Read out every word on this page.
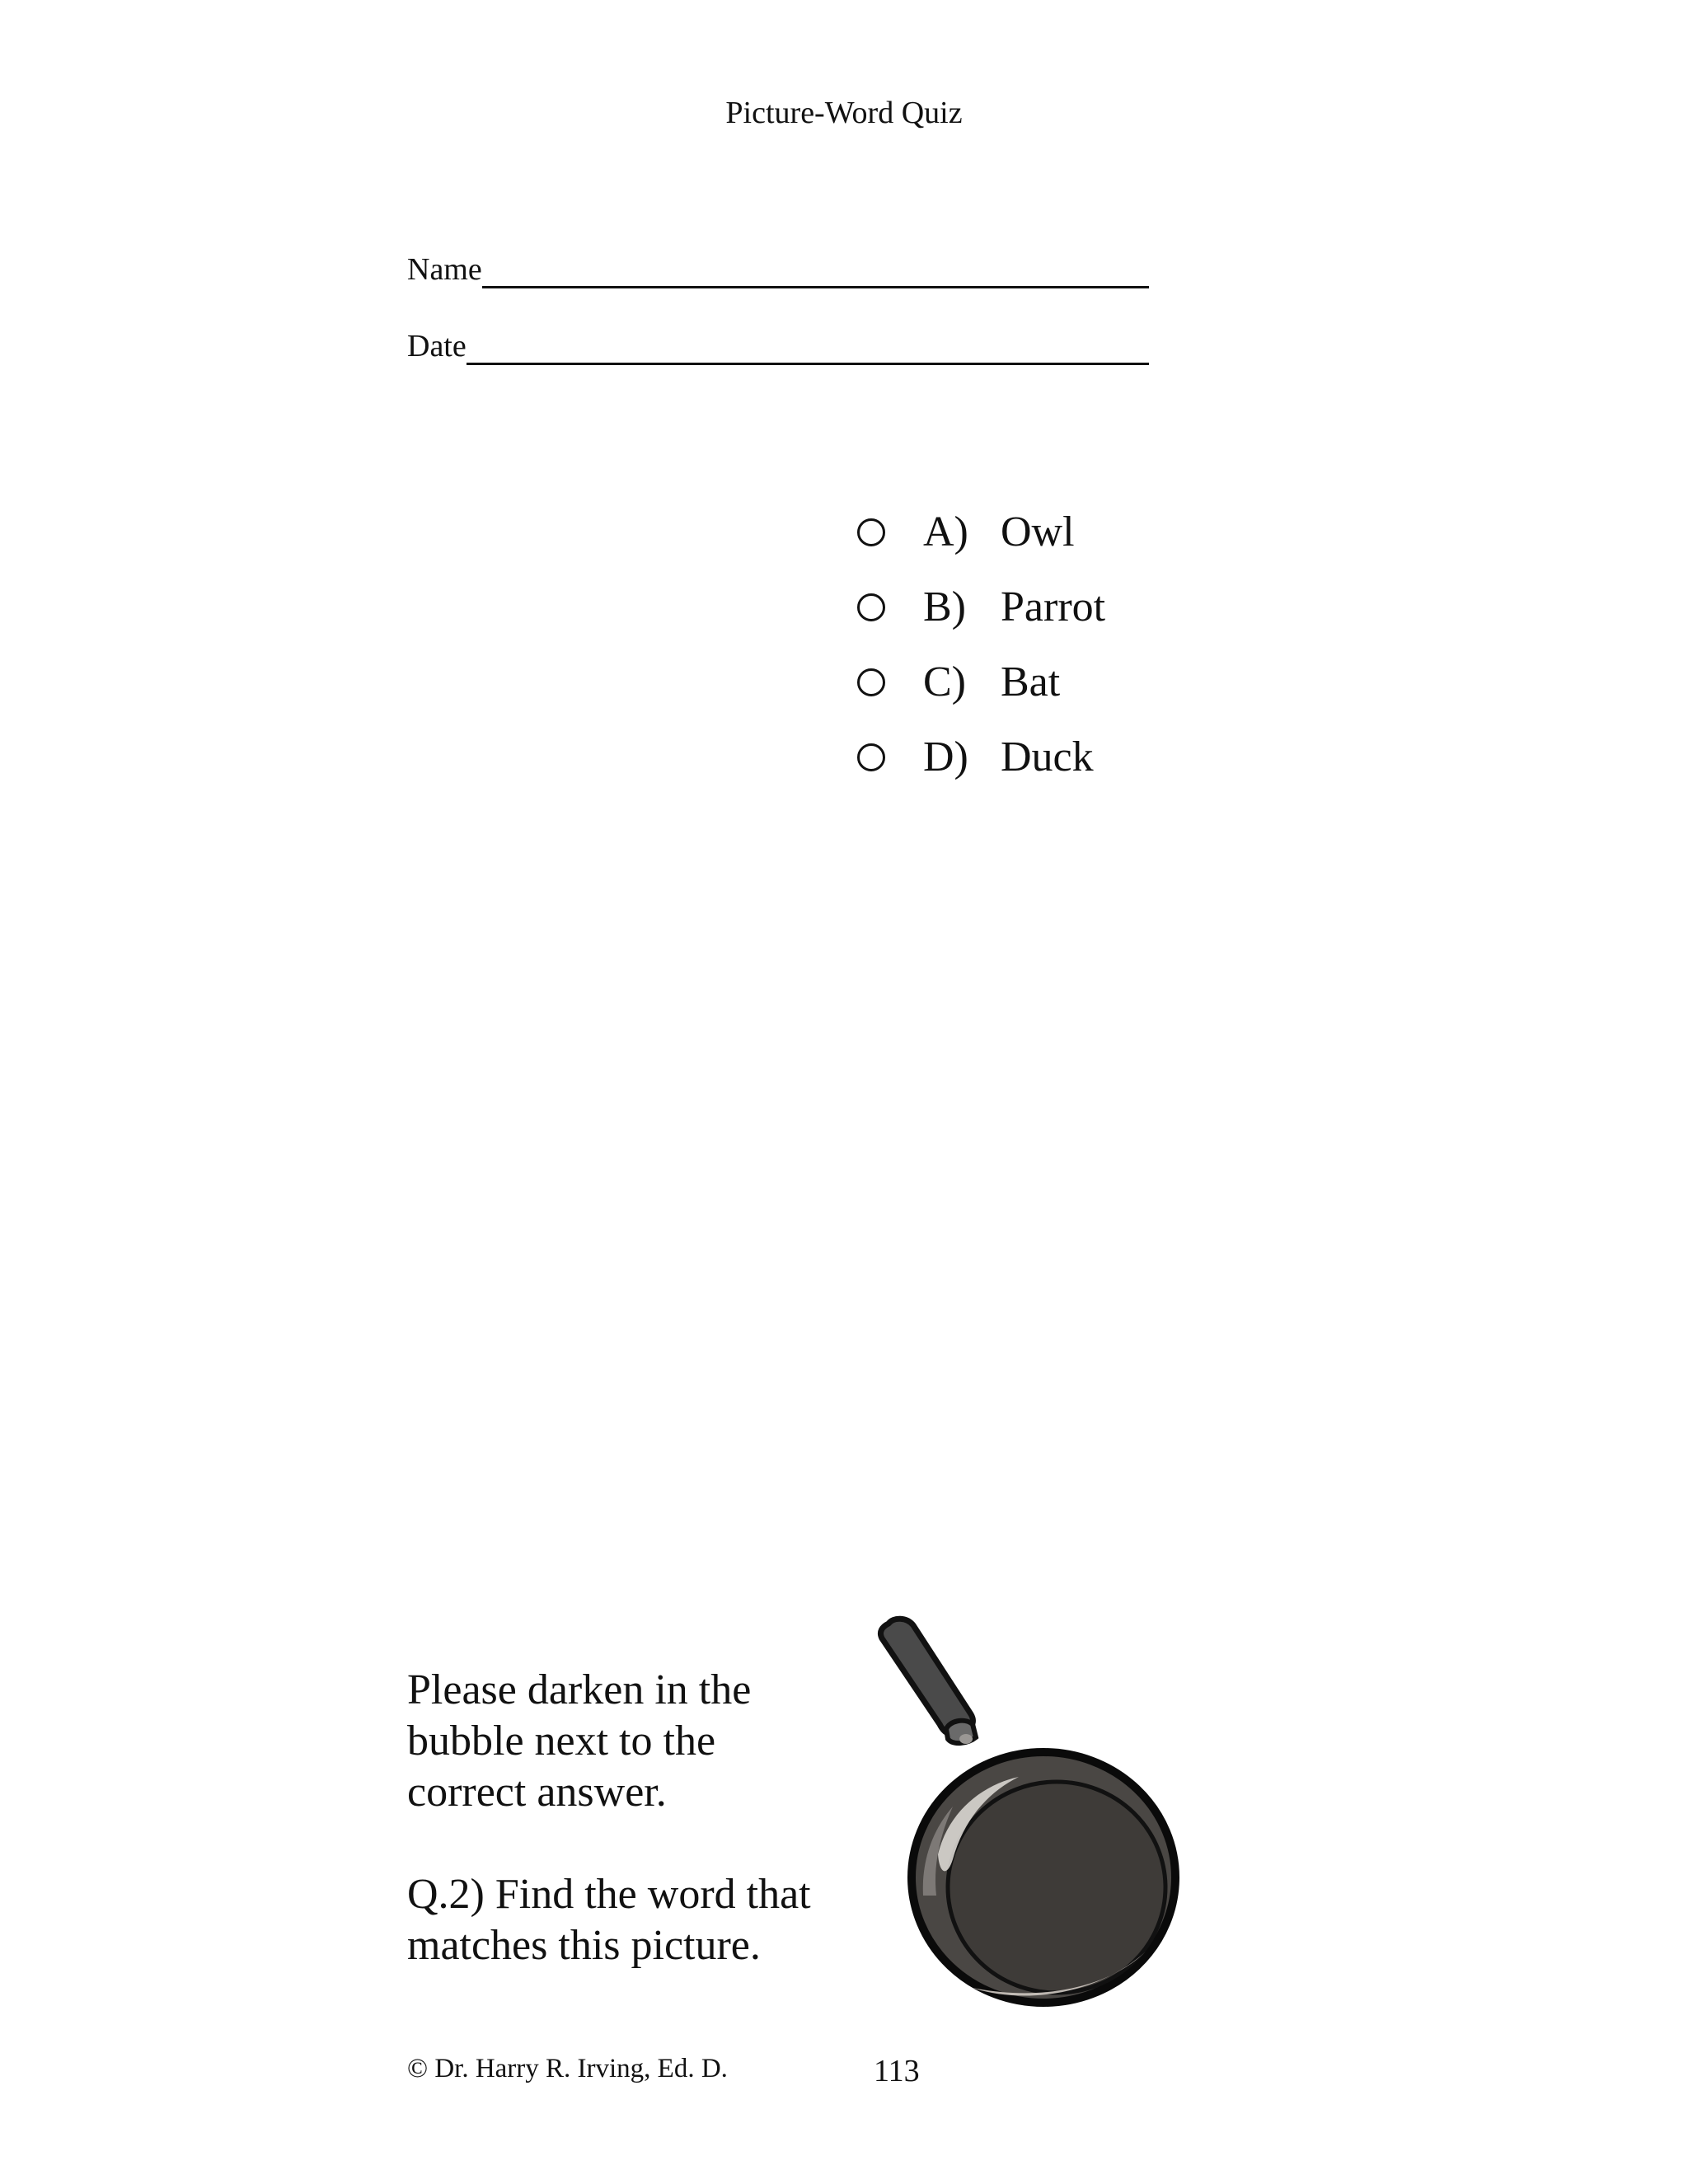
Picture-Word Quiz
Name
Date
A) Owl
B) Parrot
C) Bat
D) Duck

Please darken in the

bubble next to the

correct answer.

Q.2) Find the word that

matches this picture.

© Dr. Harry R. Irving, Ed. D.	113
